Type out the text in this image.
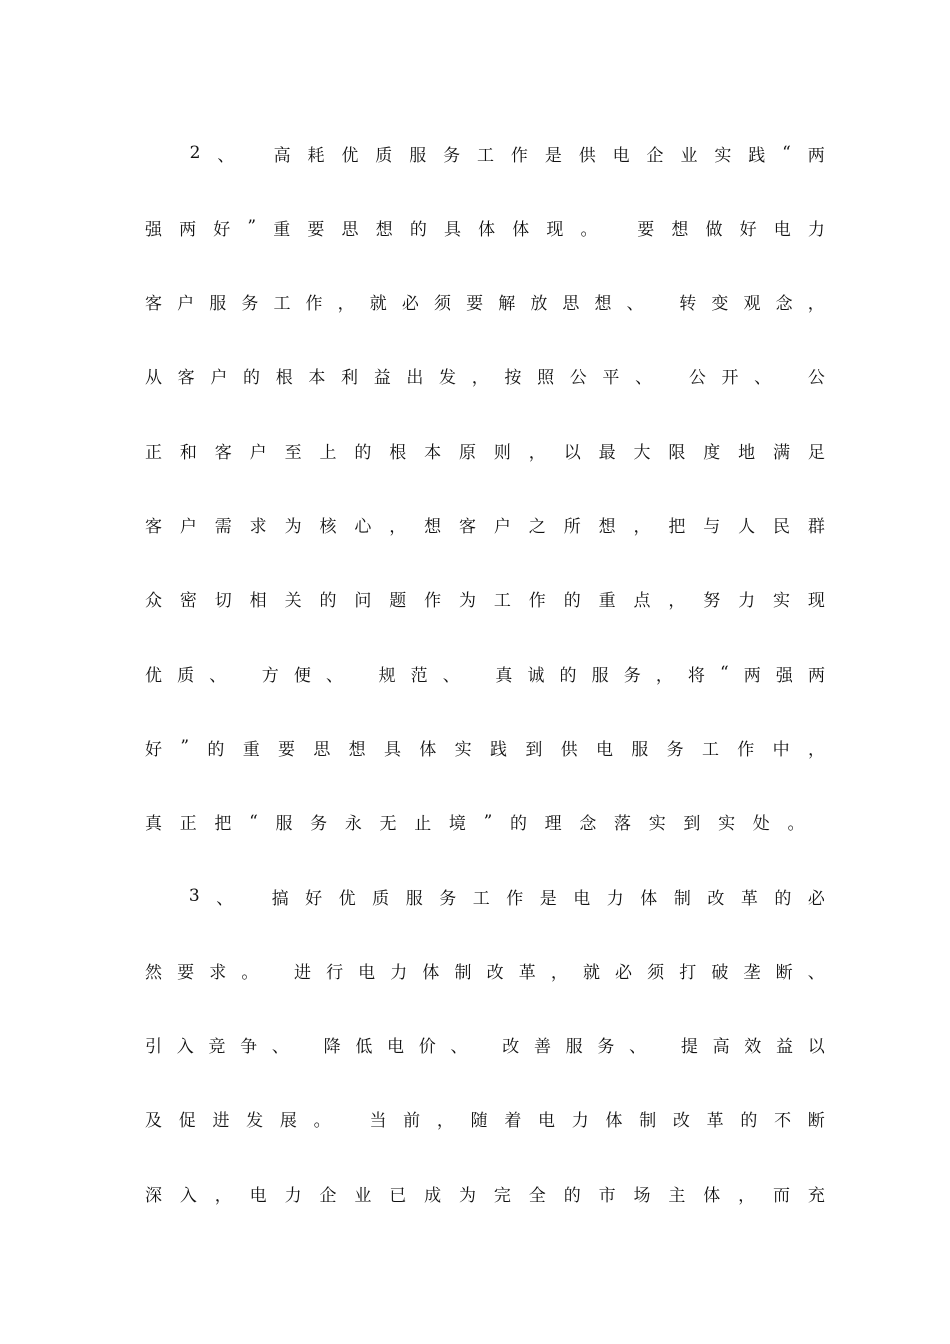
2 、
高 耗 优 质 服 务 工 作 是 供 电 企 业 实 践 “ 两
强 两 好 ” 重 要 思 想 的 具 体 体 现 。
要 想 做 好 电 力
客 户 服 务 工 作 ， 就 必 须 要 解 放 思 想 、
转 变 观 念 ，
从 客 户 的 根 本 利 益 出 发 ， 按 照 公 平 、
公 开 、
公
正 和 客 户 至 上 的 根 本 原 则 ， 以 最 大 限 度 地 满 足
客 户 需 求 为 核 心 ， 想 客 户 之 所 想 ， 把 与 人 民 群
众 密 切 相 关 的 问 题 作 为 工 作 的 重 点 ， 努 力 实 现
优 质 、
方 便 、
规 范 、
真 诚 的 服 务 ， 将 “ 两 强 两
好 ” 的 重 要 思 想 具 体 实 践 到 供 电 服 务 工 作 中 ，
真 正 把 “ 服 务 永 无 止 境 ” 的 理 念 落 实 到 实 处 。

3 、
搞 好 优 质 服 务 工 作 是 电 力 体 制 改 革 的 必
然 要 求 。
进 行 电 力 体 制 改 革 ， 就 必 须 打 破 垄 断 、
引 入 竞 争 、
降 低 电 价 、
改 善 服 务 、
提 高 效 益 以
及 促 进 发 展 。
当 前 ， 随 着 电 力 体 制 改 革 的 不 断
深 入 ， 电 力 企 业 已 成 为 完 全 的 市 场 主 体 ， 而 充
